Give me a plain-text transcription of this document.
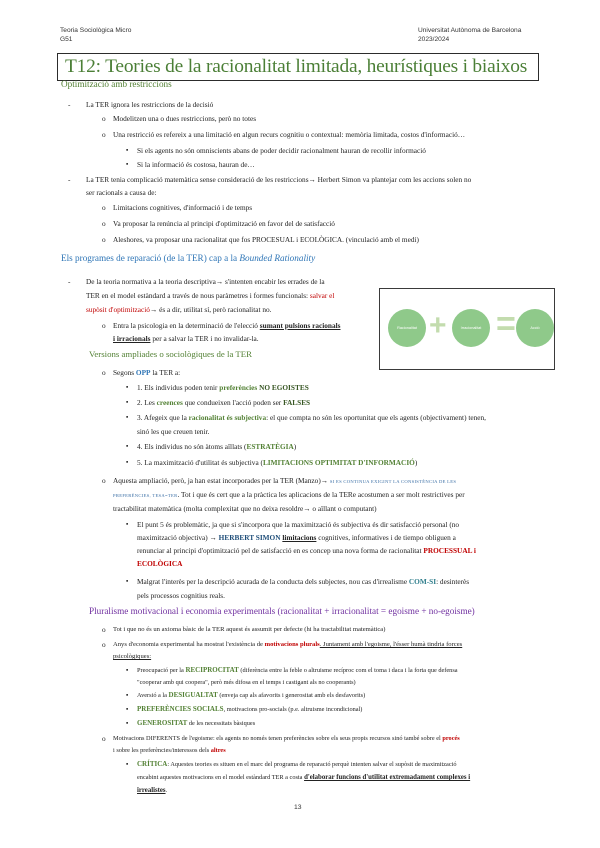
Teoria Sociològica Micro
G51
Universitat Autònoma de Barcelona
2023/2024
T12: Teories de la racionalitat limitada, heurístiques i biaixos
Optimització amb restriccions
- La TER ignora les restriccions de la decisió
o Modelitzen una o dues restriccions, però no totes
o Una restricció es refereix a una limitació en algun recurs cognitiu o contextual: memòria limitada, costos d'informació…
▪ Si els agents no són omniscients abans de poder decidir racionalment hauran de recollir informació
▪ Si la informació és costosa, hauran de…
- La TER tenia complicació matemàtica sense consideració de les restriccions→ Herbert Simon va plantejar com les accions solen no
ser racionals a causa de:
o Limitacions cognitives, d'informació i de temps
o Va proposar la renúncia al principi d'optimització en favor del de satisfacció
o Aleshores, va proposar una racionalitat que fos PROCESUAL i ECOLÒGICA. (vinculació amb el medi)
Els programes de reparació (de la TER) cap a la Bounded Rationality
- De la teoria normativa a la teoria descriptiva→ s'intenten encabir les errades de la
TER en el model estàndard a través de nous paràmetres i formes funcionals: salvar el
supòsit d'optimització→ és a dir, utilitat sí, però racionalitat no.
o Entra la psicologia en la determinació de l'elecció sumant pulsions racionals
i irracionals per a salvar la TER i no invalidar-la.
Racionalitat +	Irracionalitat =	Acció
Versions ampliades o sociològiques de la TER
o Segons OPP la TER a:
▪ 1. Els individus poden tenir preferències NO EGOISTES
▪ 2. Les creences que condueixen l'acció poden ser FALSES
▪ 3. Afegeix que la racionalitat és subjectiva: el que compta no són les oportunitat que els agents (objectivament) tenen,
sinó les que creuen tenir.
▪ 4. Els individus no són àtoms aïllats (ESTRATÈGIA)
▪ 5. La maximització d'utilitat és subjectiva (LIMITACIONS OPTIMITAT D'INFORMACIÓ)
o Aquesta ampliació, però, ja han estat incorporades per la TER (Manzo)→ SI ES CONTINUA EXIGINT LA CONSISTÈNCIA DE LES
PREFERÈNCIES, TESA=TER. Tot i que és cert que a la pràctica les aplicacions de la TERe acostumen a ser molt restrictives per
tractabilitat matemàtica (molta complexitat que no deixa resoldre→ o aïllant o computant)
▪ El punt 5 és problemàtic, ja que si s'incorpora que la maximització és subjectiva és dir satisfacció personal (no
maximització objectiva) → HERBERT SIMON limitacions cognitives, informatives i de tiempo obliguen a
renunciar al principi d'optimització pel de satisfacció en es concep una nova forma de racionalitat PROCESSUAL i
ECOLÒGICA
▪ Malgrat l'interès per la descripció acurada de la conducta dels subjectes, nou cas d'irrealisme COM-SI: desinterès
pels processos cognitius reals.
Pluralisme motivacional i economia experimentals (racionalitat + irracionalitat = egoisme + no-egoisme)
o Tot i que no és un axioma bàsic de la TER aquest és assumit per defecte (hi ha tractabilitat matemàtica)
o Anys d'economia experimental ha mostrat l'existència de motivacions plurals. Juntament amb l'egoisme, l'ésser humà tindria forces
psicològiques:
▪ Preocupació per la RECIPROCITAT (diferència entre la feble o altruisme recíproc com el toma i daca i la forta que defensa
"cooperar amb qui coopera", però més difosa en el temps i castigant als no cooperants)
▪ Aversió a la DESIGUALTAT (enveja cap als afavorits i generositat amb els desfavorits)
▪ PREFERÈNCIES SOCIALS, motivacions pro-socials (p.e. altruisme incondicional)
▪ GENEROSITAT de les necessitats bàsiques
o Motivacions DIFERENTS de l'egoisme: els agents no només tenen preferències sobre els seus propis recursos sinó també sobre el procés
i sobre les preferències/interessos dels altres
▪ CRÍTICA: Aquestes teories es situen en el marc del programa de reparació perquè intenten salvar el supòsit de maximització
encabint aquestes motivacions en el model estàndard TER a costa d'elaborar funcions d'utilitat extremadament complexes i
irrealistes.
13
